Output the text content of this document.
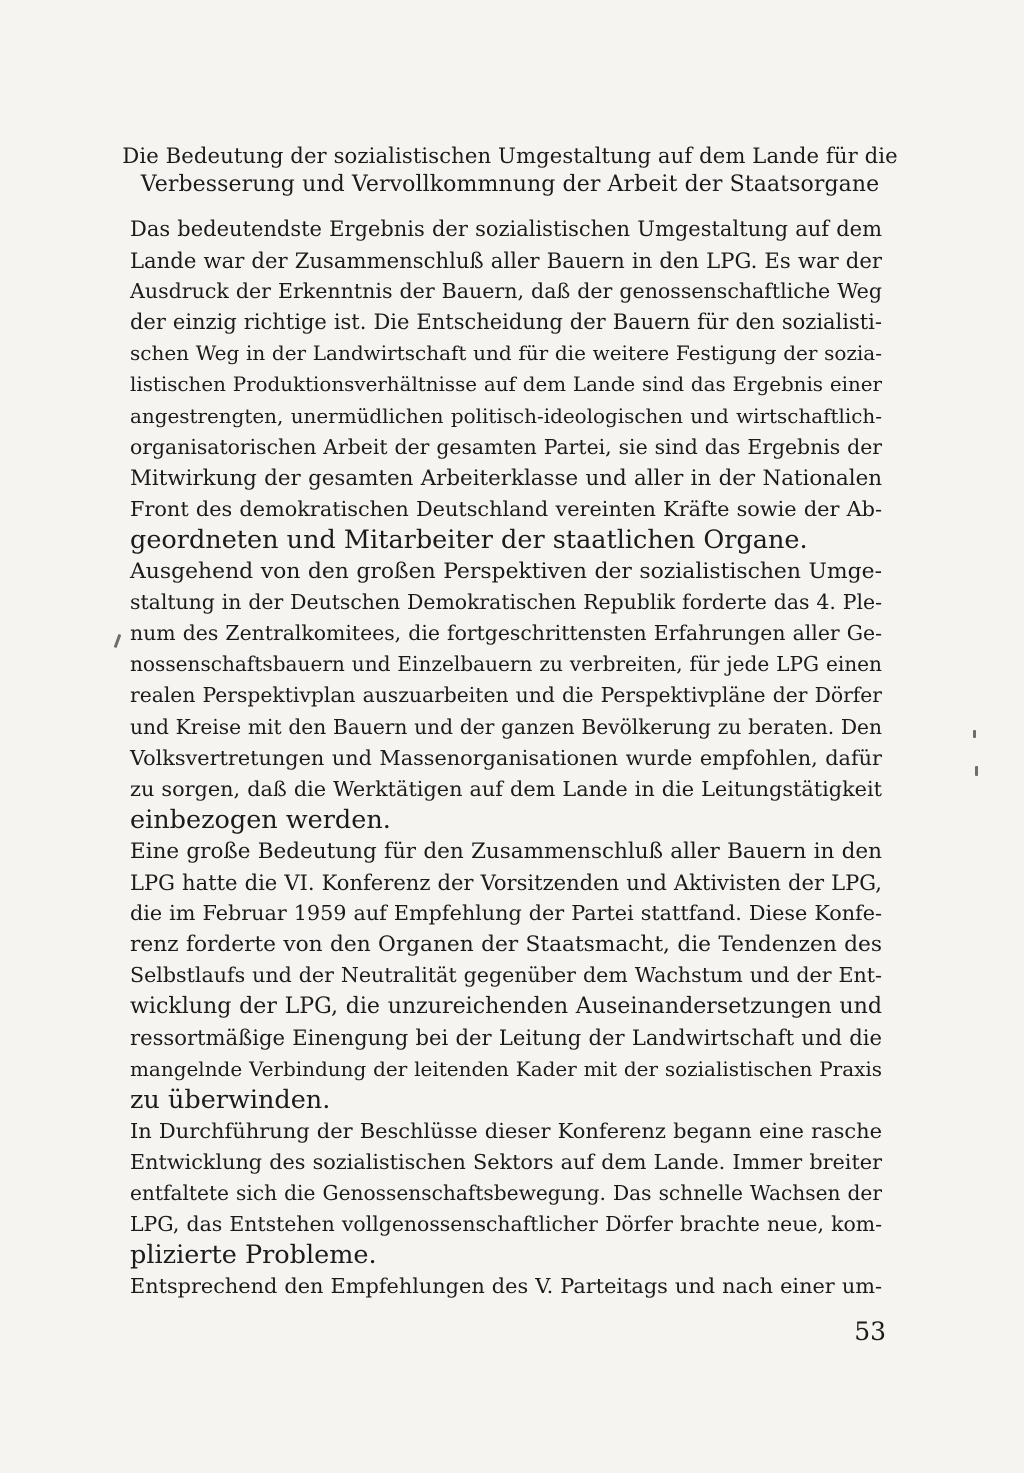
Die Bedeutung der sozialistischen Umgestaltung auf dem Lande für die
Verbesserung und Vervollkommnung der Arbeit der Staatsorgane
Das bedeutendste Ergebnis der sozialistischen Umgestaltung auf dem
Lande war der Zusammenschluß aller Bauern in den LPG. Es war der
Ausdruck der Erkenntnis der Bauern, daß der genossenschaftliche Weg
der einzig richtige ist. Die Entscheidung der Bauern für den sozialisti-
schen Weg in der Landwirtschaft und für die weitere Festigung der sozia-
listischen Produktionsverhältnisse auf dem Lande sind das Ergebnis einer
angestrengten, unermüdlichen politisch-ideologischen und wirtschaftlich-
organisatorischen Arbeit der gesamten Partei, sie sind das Ergebnis der
Mitwirkung der gesamten Arbeiterklasse und aller in der Nationalen
Front des demokratischen Deutschland vereinten Kräfte sowie der Ab-
geordneten und Mitarbeiter der staatlichen Organe.
Ausgehend von den großen Perspektiven der sozialistischen Umge-
staltung in der Deutschen Demokratischen Republik forderte das 4. Ple-
num des Zentralkomitees, die fortgeschrittensten Erfahrungen aller Ge-
nossenschaftsbauern und Einzelbauern zu verbreiten, für jede LPG einen
realen Perspektivplan auszuarbeiten und die Perspektivpläne der Dörfer
und Kreise mit den Bauern und der ganzen Bevölkerung zu beraten. Den
Volksvertretungen und Massenorganisationen wurde empfohlen, dafür
zu sorgen, daß die Werktätigen auf dem Lande in die Leitungstätigkeit
einbezogen werden.
Eine große Bedeutung für den Zusammenschluß aller Bauern in den
LPG hatte die VI. Konferenz der Vorsitzenden und Aktivisten der LPG,
die im Februar 1959 auf Empfehlung der Partei stattfand. Diese Konfe-
renz forderte von den Organen der Staatsmacht, die Tendenzen des
Selbstlaufs und der Neutralität gegenüber dem Wachstum und der Ent-
wicklung der LPG, die unzureichenden Auseinandersetzungen und
ressortmäßige Einengung bei der Leitung der Landwirtschaft und die
mangelnde Verbindung der leitenden Kader mit der sozialistischen Praxis
zu überwinden.
In Durchführung der Beschlüsse dieser Konferenz begann eine rasche
Entwicklung des sozialistischen Sektors auf dem Lande. Immer breiter
entfaltete sich die Genossenschaftsbewegung. Das schnelle Wachsen der
LPG, das Entstehen vollgenossenschaftlicher Dörfer brachte neue, kom-
plizierte Probleme.
Entsprechend den Empfehlungen des V. Parteitags und nach einer um-
53
